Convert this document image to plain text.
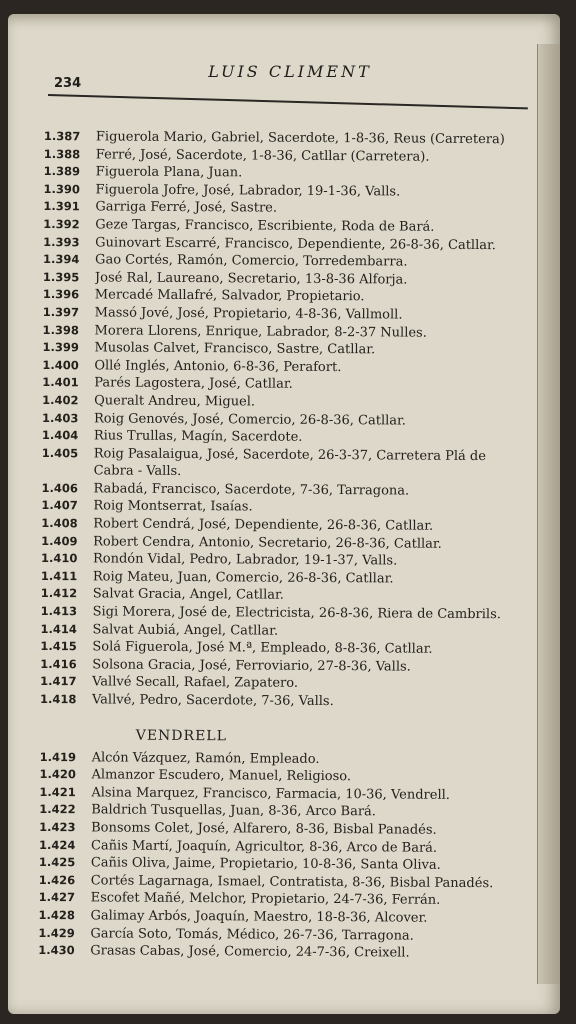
234
LUIS CLIMENT
1.387	Figuerola Mario, Gabriel, Sacerdote, 1-8-36, Reus (Carretera)
1.388	Ferré, José, Sacerdote, 1-8-36, Catllar (Carretera).
1.389	Figuerola Plana, Juan.
1.390	Figuerola Jofre, José, Labrador, 19-1-36, Valls.
1.391	Garriga Ferré, José, Sastre.
1.392	Geze Targas, Francisco, Escribiente, Roda de Bará.
1.393	Guinovart Escarré, Francisco, Dependiente, 26-8-36, Catllar.
1.394	Gao Cortés, Ramón, Comercio, Torredembarra.
1.395	José Ral, Laureano, Secretario, 13-8-36 Alforja.
1.396	Mercadé Mallafré, Salvador, Propietario.
1.397	Massó Jové, José, Propietario, 4-8-36, Vallmoll.
1.398	Morera Llorens, Enrique, Labrador, 8-2-37 Nulles.
1.399	Musolas Calvet, Francisco, Sastre, Catllar.
1.400	Ollé Inglés, Antonio, 6-8-36, Perafort.
1.401	Parés Lagostera, José, Catllar.
1.402	Queralt Andreu, Miguel.
1.403	Roig Genovés, José, Comercio, 26-8-36, Catllar.
1.404	Rius Trullas, Magín, Sacerdote.
1.405	Roig Pasalaigua, José, Sacerdote, 26-3-37, Carretera Plá de
Cabra - Valls.
1.406	Rabadá, Francisco, Sacerdote, 7-36, Tarragona.
1.407	Roig Montserrat, Isaías.
1.408	Robert Cendrá, José, Dependiente, 26-8-36, Catllar.
1.409	Robert Cendra, Antonio, Secretario, 26-8-36, Catllar.
1.410	Rondón Vidal, Pedro, Labrador, 19-1-37, Valls.
1.411	Roig Mateu, Juan, Comercio, 26-8-36, Catllar.
1.412	Salvat Gracia, Angel, Catllar.
1.413	Sigi Morera, José de, Electricista, 26-8-36, Riera de Cambrils.
1.414	Salvat Aubiá, Angel, Catllar.
1.415	Solá Figuerola, José M.ª, Empleado, 8-8-36, Catllar.
1.416	Solsona Gracia, José, Ferroviario, 27-8-36, Valls.
1.417	Vallvé Secall, Rafael, Zapatero.
1.418	Vallvé, Pedro, Sacerdote, 7-36, Valls.
VENDRELL
1.419	Alcón Vázquez, Ramón, Empleado.
1.420	Almanzor Escudero, Manuel, Religioso.
1.421	Alsina Marquez, Francisco, Farmacia, 10-36, Vendrell.
1.422	Baldrich Tusquellas, Juan, 8-36, Arco Bará.
1.423	Bonsoms Colet, José, Alfarero, 8-36, Bisbal Panadés.
1.424	Cañis Martí, Joaquín, Agricultor, 8-36, Arco de Bará.
1.425	Cañis Oliva, Jaime, Propietario, 10-8-36, Santa Oliva.
1.426	Cortés Lagarnaga, Ismael, Contratista, 8-36, Bisbal Panadés.
1.427	Escofet Mañé, Melchor, Propietario, 24-7-36, Ferrán.
1.428	Galimay Arbós, Joaquín, Maestro, 18-8-36, Alcover.
1.429	García Soto, Tomás, Médico, 26-7-36, Tarragona.
1.430	Grasas Cabas, José, Comercio, 24-7-36, Creixell.
